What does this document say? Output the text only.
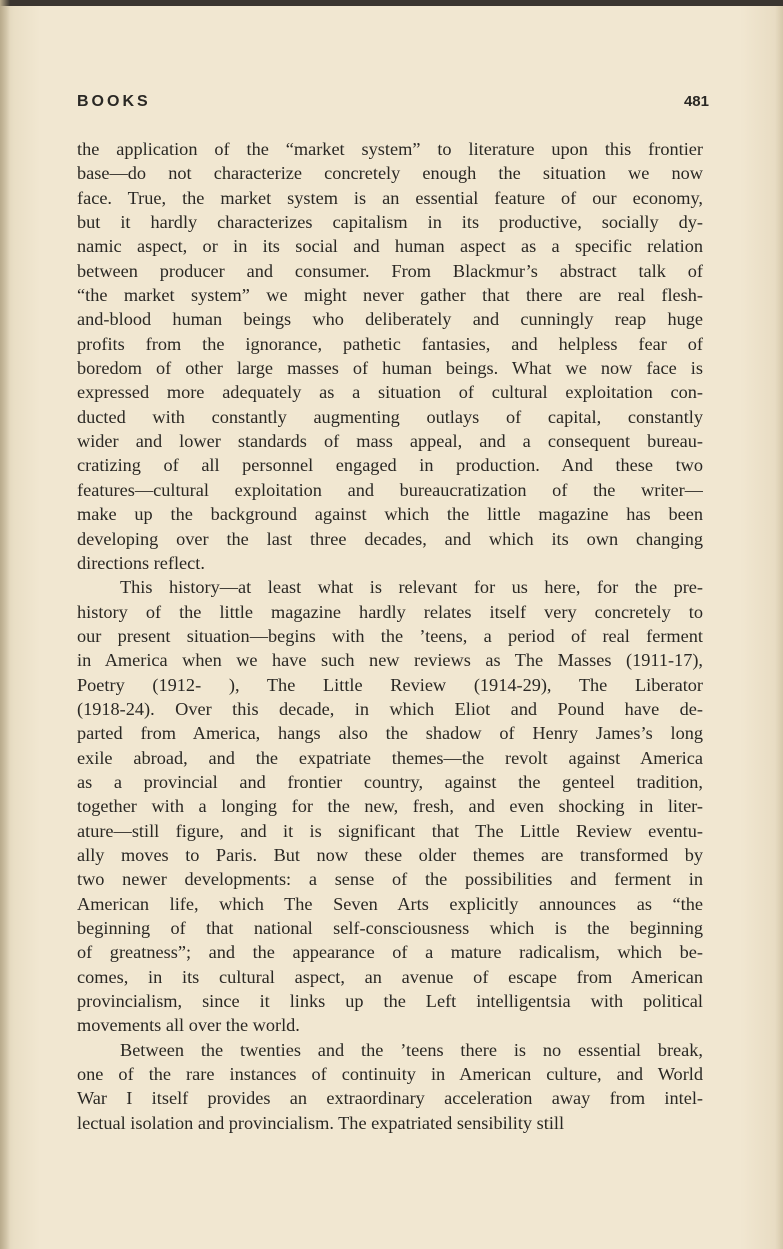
BOOKS	481
the application of the “market system” to literature upon this frontier
base—do not characterize concretely enough the situation we now
face. True, the market system is an essential feature of our economy,
but it hardly characterizes capitalism in its productive, socially dy-
namic aspect, or in its social and human aspect as a specific relation
between producer and consumer. From Blackmur’s abstract talk of
“the market system” we might never gather that there are real flesh-
and-blood human beings who deliberately and cunningly reap huge
profits from the ignorance, pathetic fantasies, and helpless fear of
boredom of other large masses of human beings. What we now face is
expressed more adequately as a situation of cultural exploitation con-
ducted with constantly augmenting outlays of capital, constantly
wider and lower standards of mass appeal, and a consequent bureau-
cratizing of all personnel engaged in production. And these two
features—cultural exploitation and bureaucratization of the writer—
make up the background against which the little magazine has been
developing over the last three decades, and which its own changing
directions reflect.
This history—at least what is relevant for us here, for the pre-
history of the little magazine hardly relates itself very concretely to
our present situation—begins with the ’teens, a period of real ferment
in America when we have such new reviews as The Masses (1911-17),
Poetry (1912- ), The Little Review (1914-29), The Liberator
(1918-24). Over this decade, in which Eliot and Pound have de-
parted from America, hangs also the shadow of Henry James’s long
exile abroad, and the expatriate themes—the revolt against America
as a provincial and frontier country, against the genteel tradition,
together with a longing for the new, fresh, and even shocking in liter-
ature—still figure, and it is significant that The Little Review eventu-
ally moves to Paris. But now these older themes are transformed by
two newer developments: a sense of the possibilities and ferment in
American life, which The Seven Arts explicitly announces as “the
beginning of that national self-consciousness which is the beginning
of greatness”; and the appearance of a mature radicalism, which be-
comes, in its cultural aspect, an avenue of escape from American
provincialism, since it links up the Left intelligentsia with political
movements all over the world.
Between the twenties and the ’teens there is no essential break,
one of the rare instances of continuity in American culture, and World
War I itself provides an extraordinary acceleration away from intel-
lectual isolation and provincialism. The expatriated sensibility still
